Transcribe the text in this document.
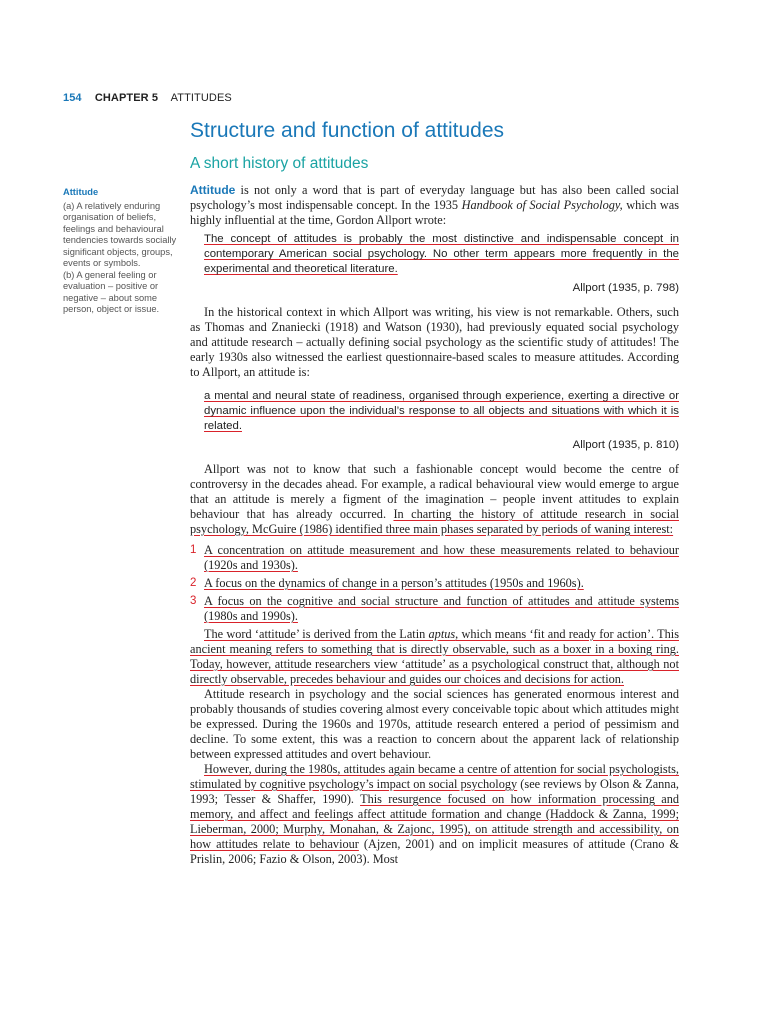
154 CHAPTER 5 ATTITUDES
Structure and function of attitudes
A short history of attitudes
Attitude

(a) A relatively enduring organisation of beliefs, feelings and behavioural tendencies towards socially significant objects, groups, events or symbols.

(b) A general feeling or evaluation – positive or negative – about some person, object or issue.

Attitude is not only a word that is part of everyday language but has also been called social psychology’s most indispensable concept. In the 1935 Handbook of Social Psychology, which was highly influential at the time, Gordon Allport wrote:

The concept of attitudes is probably the most distinctive and indispensable concept in contemporary American social psychology. No other term appears more frequently in the experimental and theoretical literature.

Allport (1935, p. 798)

In the historical context in which Allport was writing, his view is not remarkable. Others, such as Thomas and Znaniecki (1918) and Watson (1930), had previously equated social psychology and attitude research – actually defining social psychology as the scientific study of attitudes! The early 1930s also witnessed the earliest questionnaire-based scales to measure attitudes. According to Allport, an attitude is:

a mental and neural state of readiness, organised through experience, exerting a directive or dynamic influence upon the individual’s response to all objects and situations with which it is related.

Allport (1935, p. 810)

Allport was not to know that such a fashionable concept would become the centre of controversy in the decades ahead. For example, a radical behavioural view would emerge to argue that an attitude is merely a figment of the imagination – people invent attitudes to explain behaviour that has already occurred. In charting the history of attitude research in social psychology, McGuire (1986) identified three main phases separated by periods of waning interest:

1 A concentration on attitude measurement and how these measurements related to behaviour (1920s and 1930s).
2 A focus on the dynamics of change in a person’s attitudes (1950s and 1960s).
3 A focus on the cognitive and social structure and function of attitudes and attitude systems (1980s and 1990s).

The word ‘attitude’ is derived from the Latin aptus, which means ‘fit and ready for action’. This ancient meaning refers to something that is directly observable, such as a boxer in a boxing ring. Today, however, attitude researchers view ‘attitude’ as a psychological construct that, although not directly observable, precedes behaviour and guides our choices and decisions for action.

Attitude research in psychology and the social sciences has generated enormous interest and probably thousands of studies covering almost every conceivable topic about which attitudes might be expressed. During the 1960s and 1970s, attitude research entered a period of pessimism and decline. To some extent, this was a reaction to concern about the apparent lack of relationship between expressed attitudes and overt behaviour.

However, during the 1980s, attitudes again became a centre of attention for social psychologists, stimulated by cognitive psychology’s impact on social psychology (see reviews by Olson & Zanna, 1993; Tesser & Shaffer, 1990). This resurgence focused on how information processing and memory, and affect and feelings affect attitude formation and change (Haddock & Zanna, 1999; Lieberman, 2000; Murphy, Monahan, & Zajonc, 1995), on attitude strength and accessibility, on how attitudes relate to behaviour (Ajzen, 2001) and on implicit measures of attitude (Crano & Prislin, 2006; Fazio & Olson, 2003). Most
